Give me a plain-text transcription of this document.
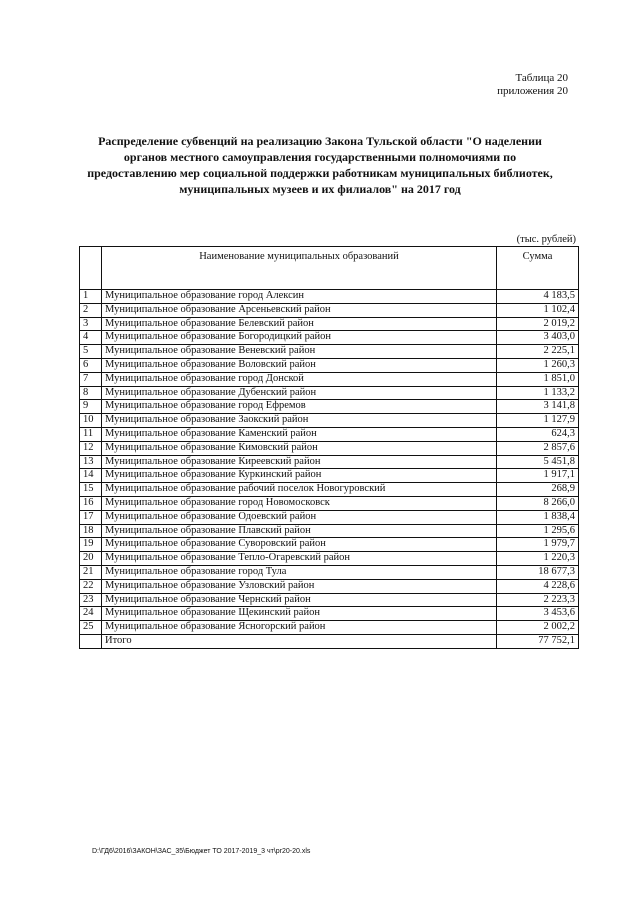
Таблица 20
приложения 20
Распределение субвенций на реализацию Закона Тульской области "О наделении органов местного самоуправления государственными полномочиями по предоставлению мер социальной поддержки работникам муниципальных библиотек, муниципальных музеев и их филиалов" на 2017 год
(тыс. рублей)
	Наименование муниципальных образований	Сумма
1	Муниципальное образование город Алексин	4 183,5
2	Муниципальное образование Арсеньевский район	1 102,4
3	Муниципальное образование Белевский район	2 019,2
4	Муниципальное образование Богородицкий район	3 403,0
5	Муниципальное образование Веневский район	2 225,1
6	Муниципальное образование Воловский район	1 260,3
7	Муниципальное образование город Донской	1 851,0
8	Муниципальное образование Дубенский район	1 133,2
9	Муниципальное образование город Ефремов	3 141,8
10	Муниципальное образование Заокский район	1 127,9
11	Муниципальное образование Каменский район	624,3
12	Муниципальное образование Кимовский район	2 857,6
13	Муниципальное образование Киреевский район	5 451,8
14	Муниципальное образование Куркинский район	1 917,1
15	Муниципальное образование рабочий поселок Новогуровский	268,9
16	Муниципальное образование город Новомосковск	8 266,0
17	Муниципальное образование Одоевский район	1 838,4
18	Муниципальное образование Плавский район	1 295,6
19	Муниципальное образование Суворовский район	1 979,7
20	Муниципальное образование Тепло-Огаревский район	1 220,3
21	Муниципальное образование город Тула	18 677,3
22	Муниципальное образование Узловский район	4 228,6
23	Муниципальное образование Чернский район	2 223,3
24	Муниципальное образование Щекинский район	3 453,6
25	Муниципальное образование Ясногорский район	2 002,2
	Итого	77 752,1
D:\ГД6\2016\ЗАКОН\ЗАС_35\Бюджет ТО 2017-2019_3 чт\pr20-20.xls
